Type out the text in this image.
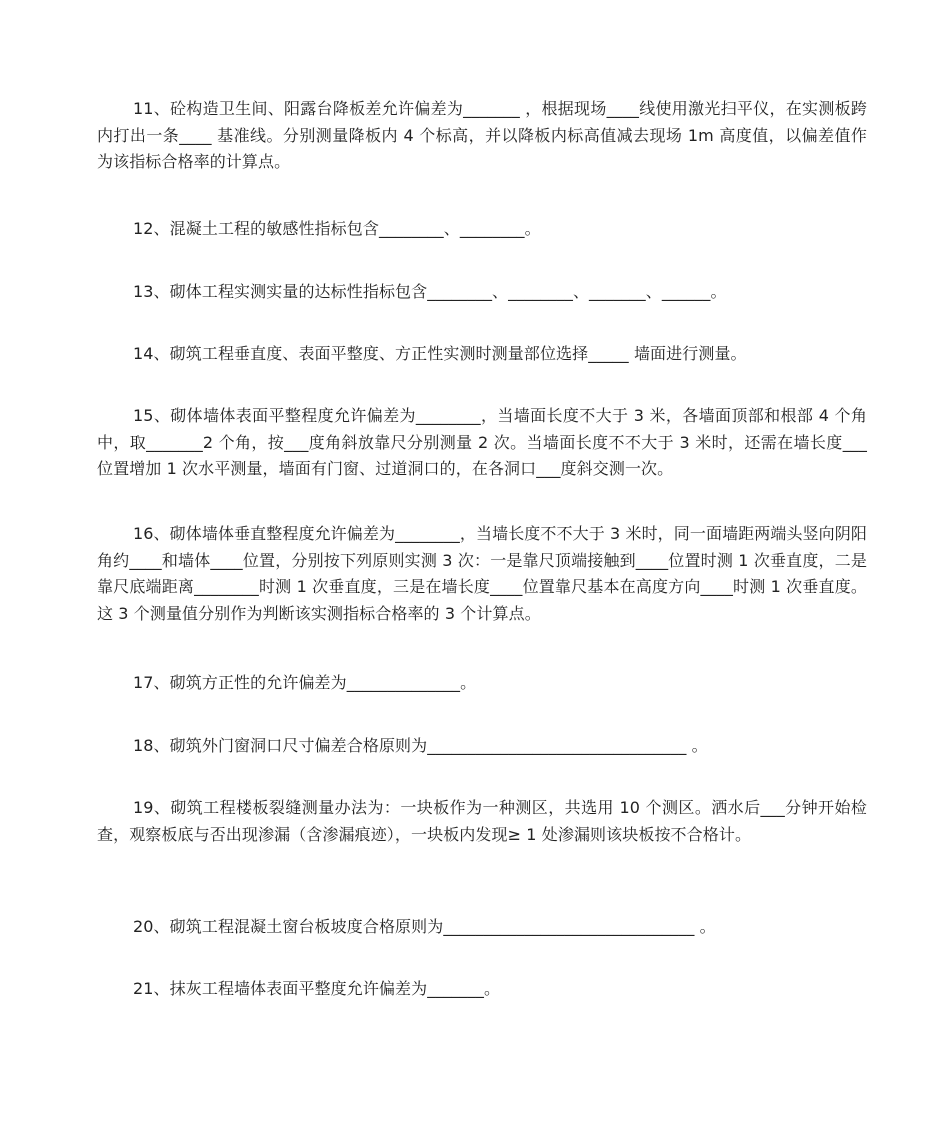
11、砼构造卫生间、阳露台降板差允许偏差为_______ ，根据现场____线使用激光扫平仪，在实测板跨内打出一条____ 基准线。分别测量降板内 4 个标高，并以降板内标高值减去现场 1m 高度值，以偏差值作为该指标合格率的计算点。

12、混凝土工程的敏感性指标包含________、________。

13、砌体工程实测实量的达标性指标包含________、________、_______、______。

14、砌筑工程垂直度、表面平整度、方正性实测时测量部位选择_____ 墙面进行测量。

15、砌体墙体表面平整程度允许偏差为________，当墙面长度不大于 3 米，各墙面顶部和根部 4 个角中，取_______2 个角，按___度角斜放靠尺分别测量 2 次。当墙面长度不不大于 3 米时，还需在墙长度___位置增加 1 次水平测量，墙面有门窗、过道洞口的，在各洞口___度斜交测一次。

16、砌体墙体垂直整程度允许偏差为________，当墙长度不不大于 3 米时，同一面墙距两端头竖向阴阳角约____和墙体____位置，分别按下列原则实测 3 次：一是靠尺顶端接触到____位置时测 1 次垂直度，二是靠尺底端距离________时测 1 次垂直度，三是在墙长度____位置靠尺基本在高度方向____时测 1 次垂直度。这 3 个测量值分别作为判断该实测指标合格率的 3 个计算点。

17、砌筑方正性的允许偏差为______________。

18、砌筑外门窗洞口尺寸偏差合格原则为________________________________ 。

19、砌筑工程楼板裂缝测量办法为：一块板作为一种测区，共选用 10 个测区。洒水后___分钟开始检查，观察板底与否出现渗漏（含渗漏痕迹），一块板内发现≥ 1 处渗漏则该块板按不合格计。

20、砌筑工程混凝土窗台板坡度合格原则为_______________________________ 。

21、抹灰工程墙体表面平整度允许偏差为_______。
